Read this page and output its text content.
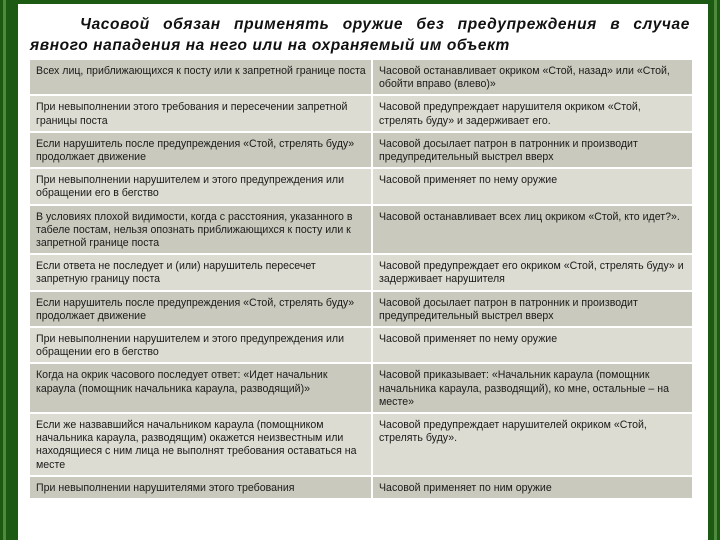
Часовой обязан применять оружие без предупреждения в случае явного нападения на него или на охраняемый им объект
Всех лиц, приближающихся к посту или к запретной границе поста	Часовой останавливает окриком «Стой, назад» или «Стой, обойти вправо (влево)»
При невыполнении этого требования и пересечении запретной границы поста	Часовой предупреждает нарушителя окриком «Стой, стрелять буду» и задерживает его.
Если нарушитель после предупреждения «Стой, стрелять буду» продолжает движение	Часовой досылает патрон в патронник и производит предупредительный выстрел вверх
При невыполнении нарушителем и этого предупреждения или обращении его в бегство	Часовой применяет по нему оружие
В условиях плохой видимости, когда с расстояния, указанного в табеле постам, нельзя опознать приближающихся к посту или к запретной границе поста	Часовой останавливает всех лиц окриком «Стой, кто идет?».
Если ответа не последует и (или) нарушитель пересечет запретную границу поста	Часовой предупреждает его окриком «Стой, стрелять буду» и задерживает нарушителя
Если нарушитель после предупреждения «Стой, стрелять буду» продолжает движение	Часовой досылает патрон в патронник и производит предупредительный выстрел вверх
При невыполнении нарушителем и этого предупреждения или обращении его в бегство	Часовой применяет по нему оружие
Когда на окрик часового последует ответ: «Идет начальник караула (помощник начальника караула, разводящий)»	Часовой приказывает: «Начальник караула (помощник начальника караула, разводящий), ко мне, остальные – на месте»
Если же назвавшийся начальником караула (помощником начальника караула, разводящим) окажется неизвестным или находящиеся с ним лица не выполнят требования оставаться на месте	Часовой предупреждает нарушителей окриком «Стой, стрелять буду».
При невыполнении нарушителями этого требования	Часовой применяет по ним оружие
